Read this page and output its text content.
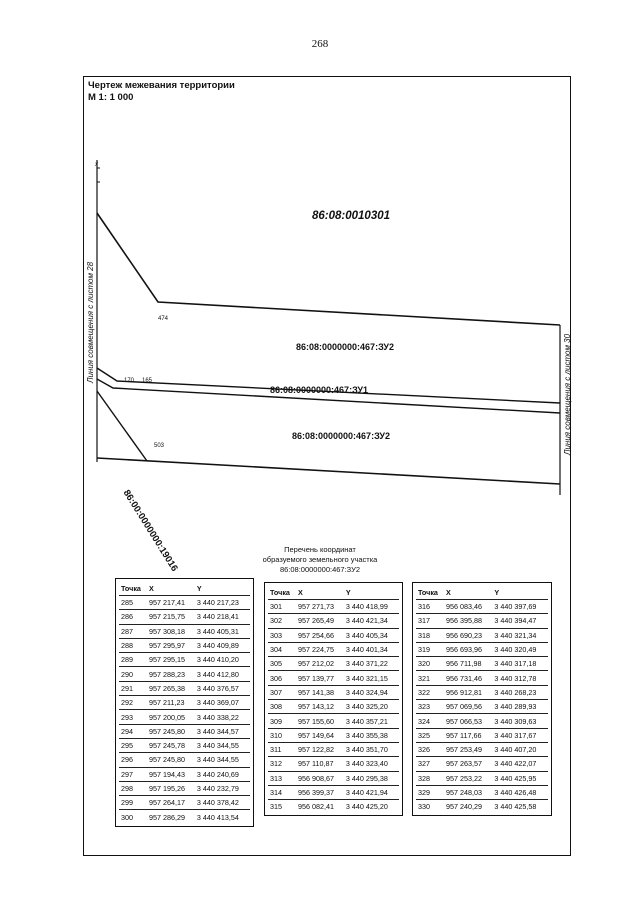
268
Чертеж межевания территории
М 1: 1 000
86:08:0010301
86:08:0000000:467:ЗУ2
86:08:0000000:467:ЗУ1
86:08:0000000:467:ЗУ2
Линия совмещения с листом 28
Линия совмещения с листом 30
x
474
170 165
503
86:00:0000000:19016	Перечень координат
образуемого земельного участка
86:08:0000000:467:ЗУ2
Точка	X	Y
285	957 217,41	3 440 217,23
286	957 215,75	3 440 218,41
287	957 308,18	3 440 405,31
288	957 295,97	3 440 409,89
289	957 295,15	3 440 410,20
290	957 288,23	3 440 412,80
291	957 265,38	3 440 376,57
292	957 211,23	3 440 369,07
293	957 200,05	3 440 338,22
294	957 245,80	3 440 344,57
295	957 245,78	3 440 344,55
296	957 245,80	3 440 344,55
297	957 194,43	3 440 240,69
298	957 195,26	3 440 232,79
299	957 264,17	3 440 378,42
300	957 286,29	3 440 413,54
Точка	X	Y
301	957 271,73	3 440 418,99
302	957 265,49	3 440 421,34
303	957 254,66	3 440 405,34
304	957 224,75	3 440 401,34
305	957 212,02	3 440 371,22
306	957 139,77	3 440 321,15
307	957 141,38	3 440 324,94
308	957 143,12	3 440 325,20
309	957 155,60	3 440 357,21
310	957 149,64	3 440 355,38
311	957 122,82	3 440 351,70
312	957 110,87	3 440 323,40
313	956 908,67	3 440 295,38
314	956 399,37	3 440 421,94
315	956 082,41	3 440 425,20
Точка	X	Y
316	956 083,46	3 440 397,69
317	956 395,88	3 440 394,47
318	956 690,23	3 440 321,34
319	956 693,96	3 440 320,49
320	956 711,98	3 440 317,18
321	956 731,46	3 440 312,78
322	956 912,81	3 440 268,23
323	957 069,56	3 440 289,93
324	957 066,53	3 440 309,63
325	957 117,66	3 440 317,67
326	957 253,49	3 440 407,20
327	957 263,57	3 440 422,07
328	957 253,22	3 440 425,95
329	957 248,03	3 440 426,48
330	957 240,29	3 440 425,58
